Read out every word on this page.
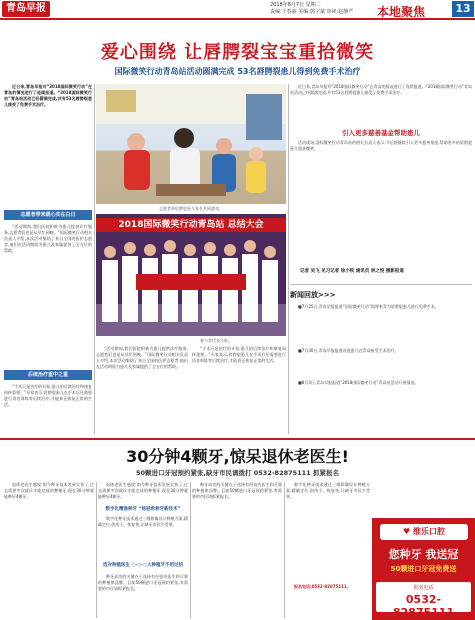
青岛早报	2018年8月7日 星期二
责编:于春丽 美编:郭宇斌 审读:赵静严 本地聚焦	13
爱心围绕 让唇腭裂宝宝重拾微笑
国际微笑行动青岛站活动圆满完成 53名唇腭裂患儿得到免费手术治疗
近日来,青岛早报对“2018国际微笑行动”在青岛的情况进行了连续报道。“2018国际微笑行动”青岛站活动已经圆满完成,共有53名唇腭裂患儿接受了免费手术治疗。
志愿者带来暖心实在白日
“活动期间,我们医院积极为患儿提供诊疗服务,志愿者们也是从早忙到晚。”国际微笑行动相关负责人介绍,本次活动集结了来自全国的医护志愿者,他们在活动期间为患儿及家属提供了全方位的帮助。
后续治疗重中之重
“手术只是治疗的开始,患儿的后续治疗和康复同样重要。”专家表示,唇腭裂患儿在手术后还需要进行语音训练等后续治疗,才能真正恢复正常的生活。
志愿者和唇腭裂患儿家长共同游戏。
2018国际微笑行动青岛站 总结大会
参与者代表合影。
“活动期间,我们医院积极为患儿提供诊疗服务,志愿者们也是从早忙到晚。”国际微笑行动相关负责人介绍,本次活动集结了来自全国的医护志愿者,他们在活动期间为患儿及家属提供了全方位的帮助。
“手术只是治疗的开始,患儿的后续治疗和康复同样重要。”专家表示,唇腭裂患儿在手术后还需要进行语音训练等后续治疗,才能真正恢复正常的生活。
近日来,青岛早报对“2018国际微笑行动”在青岛的情况进行了连续报道。“2018国际微笑行动”青岛站活动已经圆满完成,共有53名唇腭裂患儿接受了免费手术治疗。
引入更多慈善基金帮助患儿
活动现场,国际微笑行动青岛站的相关负责人表示,今后将继续引入更多慈善基金,帮助更多的唇腭裂患儿重获微笑。
记者 吴飞 见习记者 徐小钦 通讯员 林之悦 摄影报道
新闻回放>>>
■7月25日,青岛早报报道“国际微笑行动”即将来青为唇腭裂患儿进行免费手术。
■7月30日,青岛早报报道首批患儿在青岛接受手术治疗。
■8月3日,青岛早报报道“2018国际微笑行动”青岛站活动开展情况。
30分钟4颗牙,惊呆退休老医生!
50颗进口牙冠预约紧张,缺牙市民请拨打 0532-82875111 抓紧报名
退休老医生感叹:如今种牙技术发展太快了,过去需要多次就诊才能完成的种植牙,现在30分钟就能种好4颗牙。
退休老医生感叹:如今种牙技术发展太快了,过去需要多次就诊才能完成的种植牙,现在30分钟就能种好4颗牙。
数字化精准种牙 “杨冠希种牙新技术”
数字化种牙技术通过三维影像设计种植方案,精确定位,创伤小、恢复快,让缺牙市民少受罪。
选对种植医生 ○-○-○人种植牙不用过招
种牙成功的关键在于选择有经验的医生和可靠的种植体品牌。目前50颗进口牙冠预约紧张,有需要的市民请抓紧报名。
种牙成功的关键在于选择有经验的医生和可靠的种植体品牌。目前50颗进口牙冠预约紧张,有需要的市民请抓紧报名。
数字化种牙技术通过三维影像设计种植方案,精确定位,创伤小、恢复快,让缺牙市民少受罪。
报名电话:0532-82875111。
♥ 维乐口腔
您种牙 我送冠
50颗进口牙冠免费送
报名电话
0532-82875111
